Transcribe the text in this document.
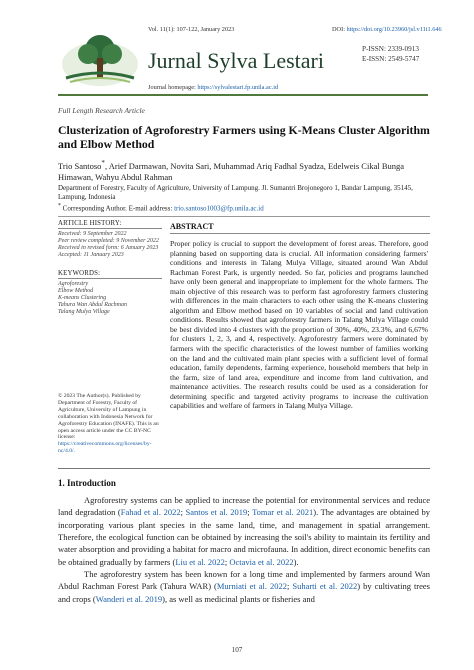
Vol. 11(1): 107-122, January 2023	DOI: https://doi.org/10.23960/jsl.v11i1.646
Jurnal Sylva Lestari	P-ISSN: 2339-0913
E-ISSN: 2549-5747
Journal homepage: https://sylvalestari.fp.unila.ac.id
Full Length Research Article
Clusterization of Agroforestry Farmers using K-Means Cluster Algorithm and Elbow Method
Trio Santoso*, Arief Darmawan, Novita Sari, Muhammad Ariq Fadhal Syadza, Edelweis Cikal Bunga Himawan, Wahyu Abdul Rahman
Department of Forestry, Faculty of Agriculture, University of Lampung. Jl. Sumantri Brojonegoro 1, Bandar Lampung, 35145, Lampung, Indonesia
* Corresponding Author. E-mail address: trio.santoso1003@fp.unila.ac.id
ARTICLE HISTORY:
Received: 9 September 2022
Peer review completed: 9 November 2022
Received in revised form: 6 January 2023
Accepted: 11 January 2023
KEYWORDS:
Agroforestry
Elbow Method
K-means Clustering
Tahura Wan Abdul Rachman
Talang Mulya Village
© 2023 The Author(s). Published by Department of Forestry, Faculty of Agriculture, University of Lampung in collaboration with Indonesia Network for Agroforestry Education (INAFE). This is an open access article under the CC BY-NC license: https://creativecommons.org/licenses/by-nc/4.0/.
ABSTRACT
Proper policy is crucial to support the development of forest areas. Therefore, good planning based on supporting data is crucial. All information considering farmers' conditions and interests in Talang Mulya Village, situated around Wan Abdul Rachman Forest Park, is urgently needed. So far, policies and programs launched have only been general and inappropriate to implement for the whole farmers. The main objective of this research was to perform fast agroforestry farmers clustering with differences in the main characters to each other using the K-means clustering algorithm and Elbow method based on 10 variables of social and land cultivation conditions. Results showed that agroforestry farmers in Talang Mulya Village could be best divided into 4 clusters with the proportion of 30%, 40%, 23.3%, and 6,67% for clusters 1, 2, 3, and 4, respectively. Agroforestry farmers were dominated by farmers with the specific characteristics of the lowest number of families working on the land and the cultivated main plant species with a sufficient level of formal education, family dependents, farming experience, household members that help in the farm, size of land area, expenditure and income from land cultivation, and maintenance activities. The research results could be used as a consideration for determining specific and targeted activity programs to increase the cultivation capabilities and welfare of farmers in Talang Mulya Village.
1. Introduction

Agroforestry systems can be applied to increase the potential for environmental services and reduce land degradation (Fahad et al. 2022; Santos et al. 2019; Tomar et al. 2021). The advantages are obtained by incorporating various plant species in the same land, time, and management in spatial arrangement. Therefore, the ecological function can be obtained by increasing the soil's ability to maintain its fertility and water absorption and providing a habitat for macro and microfauna. In addition, direct economic benefits can be obtained gradually by farmers (Liu et al. 2022; Octavia et al. 2022).

The agroforestry system has been known for a long time and implemented by farmers around Wan Abdul Rachman Forest Park (Tahura WAR) (Murniati et al. 2022; Suharti et al. 2022) by cultivating trees and crops (Wanderi et al. 2019), as well as medicinal plants or fisheries and

107
